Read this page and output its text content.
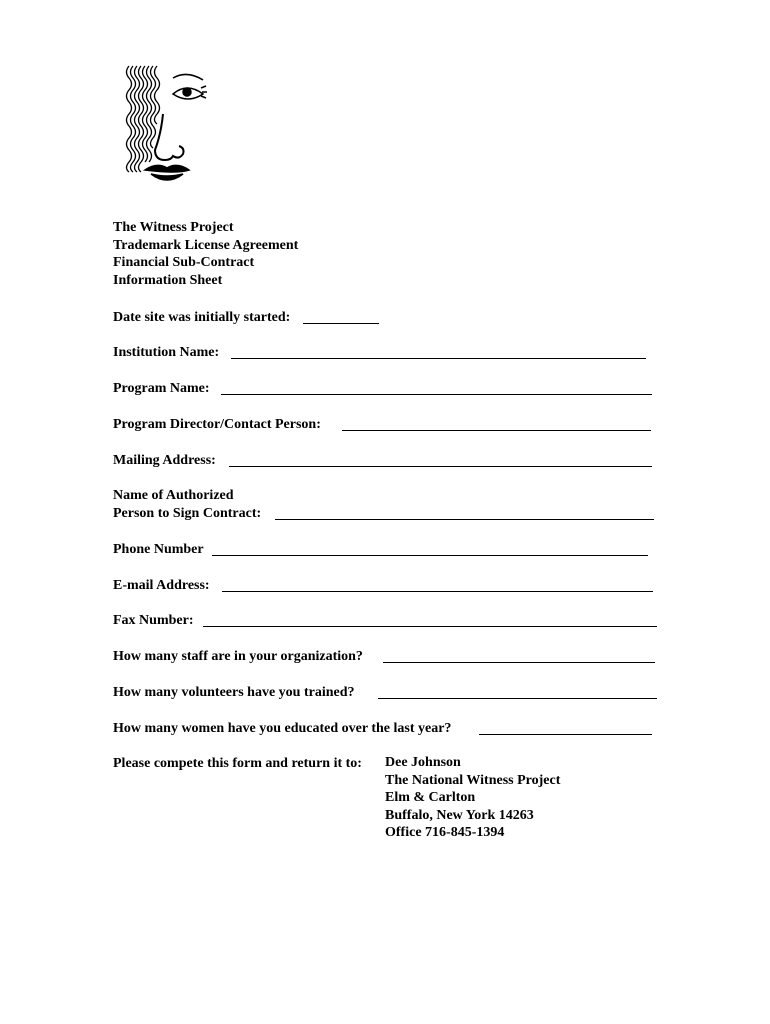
The Witness Project
Trademark License Agreement
Financial Sub-Contract
Information Sheet
Date site was initially started:
Institution Name:
Program Name:
Program Director/Contact Person:
Mailing Address:
Name of Authorized
Person to Sign Contract:
Phone Number
E-mail Address:
Fax Number:
How many staff are in your organization?
How many volunteers have you trained?
How many women have you educated over the last year?
Please compete this form and return it to: Dee Johnson
The National Witness Project
Elm & Carlton
Buffalo, New York 14263
Office 716-845-1394
